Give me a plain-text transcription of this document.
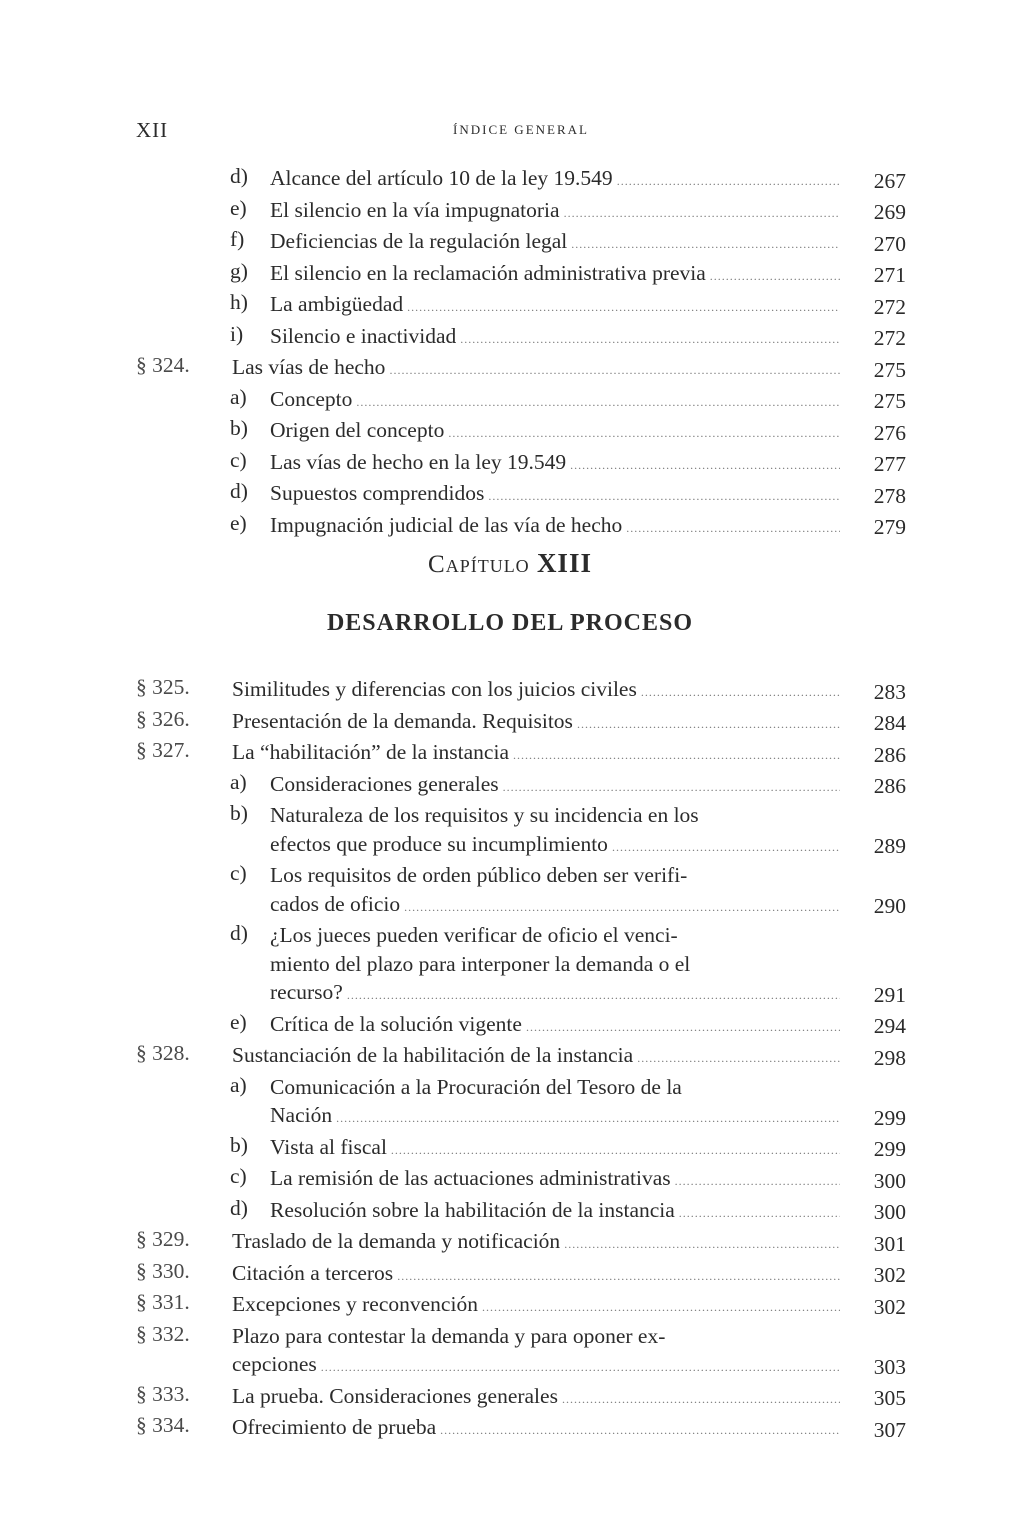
XII	ÍNDICE GENERAL
d) Alcance del artículo 10 de la ley 19.549 .....	267
e) El silencio en la vía impugnatoria .....	269
f) Deficiencias de la regulación legal .....	270
g) El silencio en la reclamación administrativa previa .....	271
h) La ambigüedad .....	272
i) Silencio e inactividad .....	272
§ 324. Las vías de hecho .....	275
a) Concepto .....	275
b) Origen del concepto .....	276
c) Las vías de hecho en la ley 19.549 .....	277
d) Supuestos comprendidos .....	278
e) Impugnación judicial de las vía de hecho .....	279
Capítulo XIII
DESARROLLO DEL PROCESO
§ 325. Similitudes y diferencias con los juicios civiles .....	283
§ 326. Presentación de la demanda. Requisitos .....	284
§ 327. La “habilitación” de la instancia .....	286
a) Consideraciones generales .....	286
b) Naturaleza de los requisitos y su incidencia en los
efectos que produce su incumplimiento .....	289
c) Los requisitos de orden público deben ser verifi-
cados de oficio .....	290
d) ¿Los jueces pueden verificar de oficio el venci-
miento del plazo para interponer la demanda o el
recurso? .....	291
e) Crítica de la solución vigente .....	294
§ 328. Sustanciación de la habilitación de la instancia .....	298
a) Comunicación a la Procuración del Tesoro de la
Nación .....	299
b) Vista al fiscal .....	299
c) La remisión de las actuaciones administrativas .....	300
d) Resolución sobre la habilitación de la instancia .....	300
§ 329. Traslado de la demanda y notificación .....	301
§ 330. Citación a terceros .....	302
§ 331. Excepciones y reconvención .....	302
§ 332. Plazo para contestar la demanda y para oponer ex-
cepciones .....	303
§ 333. La prueba. Consideraciones generales .....	305
§ 334. Ofrecimiento de prueba .....	307
